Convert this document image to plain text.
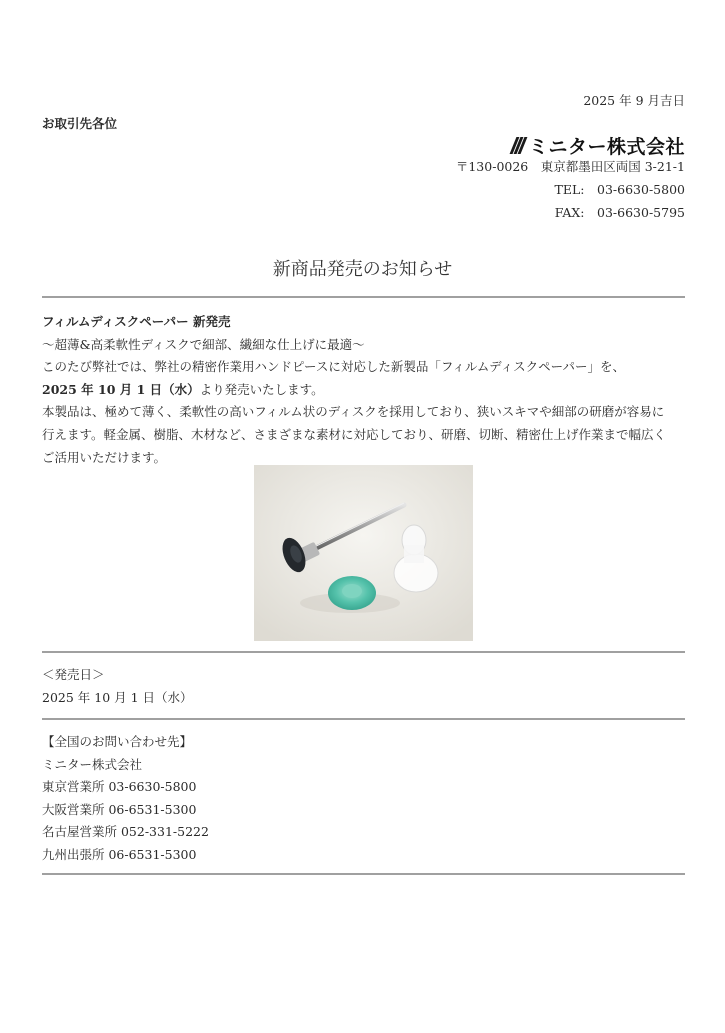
2025 年 9 月吉日
お取引先各位
ミニター株式会社
〒130-0026　東京都墨田区両国 3-21-1
TEL:　03-6630-5800
FAX:　03-6630-5795
新商品発売のお知らせ

フィルムディスクペーパー 新発売

〜超薄&高柔軟性ディスクで細部、繊細な仕上げに最適〜

このたび弊社では、弊社の精密作業用ハンドピースに対応した新製品「フィルムディスクペーパー」を、

2025 年 10 月 1 日（水）より発売いたします。

本製品は、極めて薄く、柔軟性の高いフィルム状のディスクを採用しており、狭いスキマや細部の研磨が容易に

行えます。軽金属、樹脂、木材など、さまざまな素材に対応しており、研磨、切断、精密仕上げ作業まで幅広く

ご活用いただけます。

＜発売日＞

2025 年 10 月 1 日（水）

【全国のお問い合わせ先】

ミニター株式会社

東京営業所 03-6630-5800

大阪営業所 06-6531-5300

名古屋営業所 052-331-5222

九州出張所 06-6531-5300
